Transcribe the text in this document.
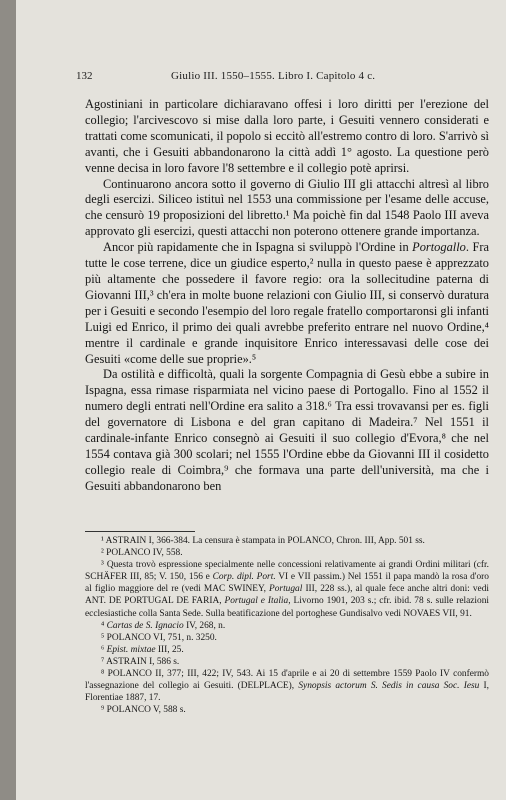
132	Giulio III. 1550–1555. Libro I. Capitolo 4 c.

Agostiniani in particolare dichiaravano offesi i loro diritti per l'erezione del collegio; l'arcivescovo si mise dalla loro parte, i Gesuiti vennero considerati e trattati come scomunicati, il popolo si eccitò all'estremo contro di loro. S'arrivò sì avanti, che i Gesuiti abbandonarono la città addì 1° agosto. La questione però venne decisa in loro favore l'8 settembre e il collegio potè aprirsi.

Continuarono ancora sotto il governo di Giulio III gli attacchi altresì al libro degli esercizi. Siliceo istituì nel 1553 una commissione per l'esame delle accuse, che censurò 19 proposizioni del libretto.¹ Ma poichè fin dal 1548 Paolo III aveva approvato gli esercizi, questi attacchi non poterono ottenere grande importanza.

Ancor più rapidamente che in Ispagna si sviluppò l'Ordine in Portogallo. Fra tutte le cose terrene, dice un giudice esperto,² nulla in questo paese è apprezzato più altamente che possedere il favore regio: ora la sollecitudine paterna di Giovanni III,³ ch'era in molte buone relazioni con Giulio III, si conservò duratura per i Gesuiti e secondo l'esempio del loro regale fratello comportaronsi gli infanti Luigi ed Enrico, il primo dei quali avrebbe preferito entrare nel nuovo Ordine,⁴ mentre il cardinale e grande inquisitore Enrico interessavasi delle cose dei Gesuiti «come delle sue proprie».⁵

Da ostilità e difficoltà, quali la sorgente Compagnia di Gesù ebbe a subire in Ispagna, essa rimase risparmiata nel vicino paese di Portogallo. Fino al 1552 il numero degli entrati nell'Ordine era salito a 318.⁶ Tra essi trovavansi per es. figli del governatore di Lisbona e del gran capitano di Madeira.⁷ Nel 1551 il cardinale-infante Enrico consegnò ai Gesuiti il suo collegio d'Evora,⁸ che nel 1554 contava già 300 scolari; nel 1555 l'Ordine ebbe da Giovanni III il cosidetto collegio reale di Coimbra,⁹ che formava una parte dell'università, ma che i Gesuiti abbandonarono ben

¹ ASTRAIN I, 366-384. La censura è stampata in POLANCO, Chron. III, App. 501 ss.

² POLANCO IV, 558.

³ Questa trovò espressione specialmente nelle concessioni relativamente ai grandi Ordini militari (cfr. SCHÄFER III, 85; V. 150, 156 e Corp. dipl. Port. VI e VII passim.) Nel 1551 il papa mandò la rosa d'oro al figlio maggiore del re (vedi MAC SWINEY, Portugal III, 228 ss.), al quale fece anche altri doni: vedi ANT. DE PORTUGAL DE FARIA, Portugal e Italia, Livorno 1901, 203 s.; cfr. ibid. 78 s. sulle relazioni ecclesiastiche colla Santa Sede. Sulla beatificazione del portoghese Gundisalvo vedi NOVAES VII, 91.

⁴ Cartas de S. Ignacio IV, 268, n.

⁵ POLANCO VI, 751, n. 3250.

⁶ Epist. mixtae III, 25.

⁷ ASTRAIN I, 586 s.

⁸ POLANCO II, 377; III, 422; IV, 543. Ai 15 d'aprile e ai 20 di settembre 1559 Paolo IV confermò l'assegnazione del collegio ai Gesuiti. (DELPLACE), Synopsis actorum S. Sedis in causa Soc. Iesu I, Florentiae 1887, 17.

⁹ POLANCO V, 588 s.
